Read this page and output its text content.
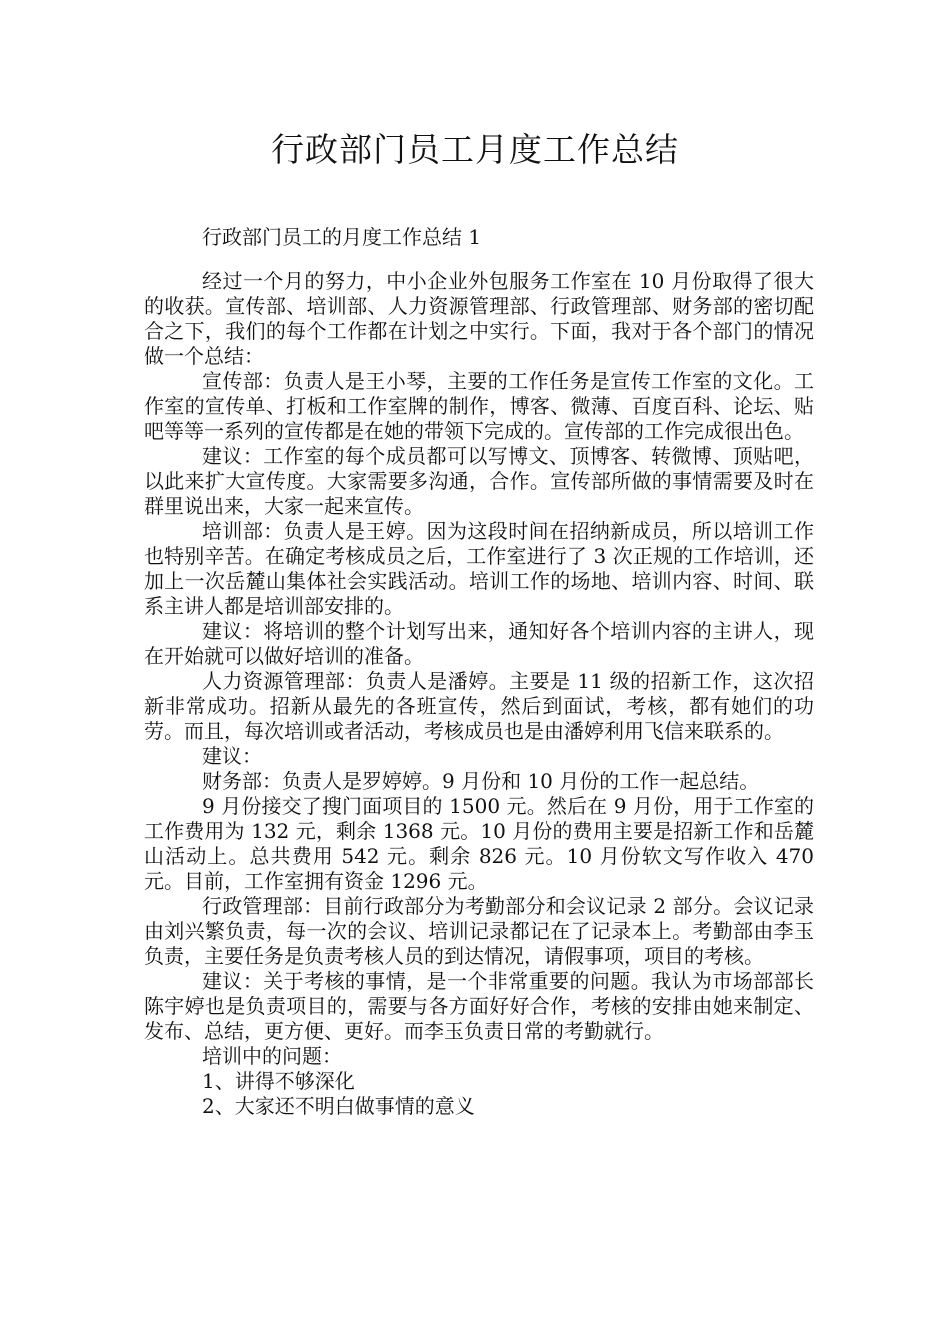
行政部门员工月度工作总结

行政部门员工的月度工作总结 1

经过一个月的努力，中小企业外包服务工作室在 10 月份取得了很大的收获。宣传部、培训部、人力资源管理部、行政管理部、财务部的密切配合之下，我们的每个工作都在计划之中实行。下面，我对于各个部门的情况做一个总结：

宣传部：负责人是王小琴，主要的工作任务是宣传工作室的文化。工作室的宣传单、打板和工作室牌的制作，博客、微薄、百度百科、论坛、贴吧等等一系列的宣传都是在她的带领下完成的。宣传部的工作完成很出色。

建议：工作室的每个成员都可以写博文、顶博客、转微博、顶贴吧，以此来扩大宣传度。大家需要多沟通，合作。宣传部所做的事情需要及时在群里说出来，大家一起来宣传。

培训部：负责人是王婷。因为这段时间在招纳新成员，所以培训工作也特别辛苦。在确定考核成员之后，工作室进行了 3 次正规的工作培训，还加上一次岳麓山集体社会实践活动。培训工作的场地、培训内容、时间、联系主讲人都是培训部安排的。

建议：将培训的整个计划写出来，通知好各个培训内容的主讲人，现在开始就可以做好培训的准备。

人力资源管理部：负责人是潘婷。主要是 11 级的招新工作，这次招新非常成功。招新从最先的各班宣传，然后到面试，考核，都有她们的功劳。而且，每次培训或者活动，考核成员也是由潘婷利用飞信来联系的。

建议：

财务部：负责人是罗婷婷。9 月份和 10 月份的工作一起总结。

9 月份接交了搜门面项目的 1500 元。然后在 9 月份，用于工作室的工作费用为 132 元，剩余 1368 元。10 月份的费用主要是招新工作和岳麓山活动上。总共费用 542 元。剩余 826 元。10 月份软文写作收入 470 元。目前，工作室拥有资金 1296 元。

行政管理部：目前行政部分为考勤部分和会议记录 2 部分。会议记录由刘兴繁负责，每一次的会议、培训记录都记在了记录本上。考勤部由李玉负责，主要任务是负责考核人员的到达情况，请假事项，项目的考核。

建议：关于考核的事情，是一个非常重要的问题。我认为市场部部长陈宇婷也是负责项目的，需要与各方面好好合作，考核的安排由她来制定、发布、总结，更方便、更好。而李玉负责日常的考勤就行。

培训中的问题：

1、讲得不够深化

2、大家还不明白做事情的意义
